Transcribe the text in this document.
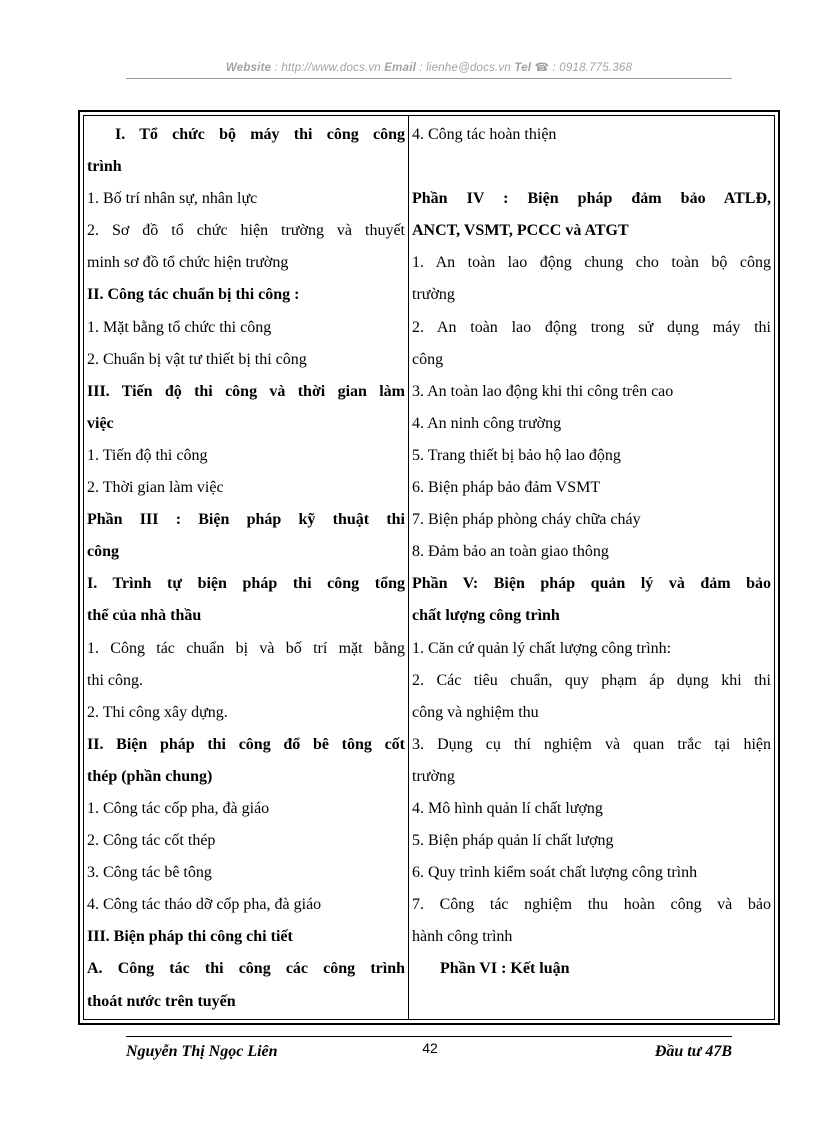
Website : http://www.docs.vn Email : lienhe@docs.vn Tel ☎ : 0918.775.368
I. Tổ chức bộ máy thi công công
trình
1. Bố trí nhân sự, nhân lực
2. Sơ đồ tổ chức hiện trường và thuyết
minh sơ đồ tổ chức hiện trường
II. Công tác chuẩn bị thi công :
1. Mặt bằng tổ chức thi công
2. Chuẩn bị vật tư thiết bị thi công
III. Tiến độ thi công và thời gian làm
việc
1. Tiến độ thi công
2. Thời gian làm việc
Phần III : Biện pháp kỹ thuật thi
công
I. Trình tự biện pháp thi công tổng
thể của nhà thầu
1. Công tác chuẩn bị và bố trí mặt bằng
thi công.
2. Thi công xây dựng.
II. Biện pháp thi công đổ bê tông cốt
thép (phần chung)
1. Công tác cốp pha, đà giáo
2. Công tác cốt thép
3. Công tác bê tông
4. Công tác tháo dỡ cốp pha, đà giáo
III. Biện pháp thi công chi tiết
A. Công tác thi công các công trình
thoát nước trên tuyến
4. Công tác hoàn thiện
Phần IV : Biện pháp đảm bảo ATLĐ,
ANCT, VSMT, PCCC và ATGT
1. An toàn lao động chung cho toàn bộ công
trường
2. An toàn lao động trong sử dụng máy thi
công
3. An toàn lao động khi thi công trên cao
4. An ninh công trường
5. Trang thiết bị bảo hộ lao động
6. Biện pháp bảo đảm VSMT
7. Biện pháp phòng cháy chữa cháy
8. Đảm bảo an toàn giao thông
Phần V: Biện pháp quản lý và đảm bảo
chất lượng công trình
1. Căn cứ quản lý chất lượng công trình:
2. Các tiêu chuẩn, quy phạm áp dụng khi thi
công và nghiệm thu
3. Dụng cụ thí nghiệm và quan trắc tại hiện
trường
4. Mô hình quản lí chất lượng
5. Biện pháp quản lí chất lượng
6. Quy trình kiểm soát chất lượng công trình
7. Công tác nghiệm thu hoàn công và bảo
hành công trình
Phần VI : Kết luận
Nguyễn Thị Ngọc Liên	42	Đầu tư 47B
